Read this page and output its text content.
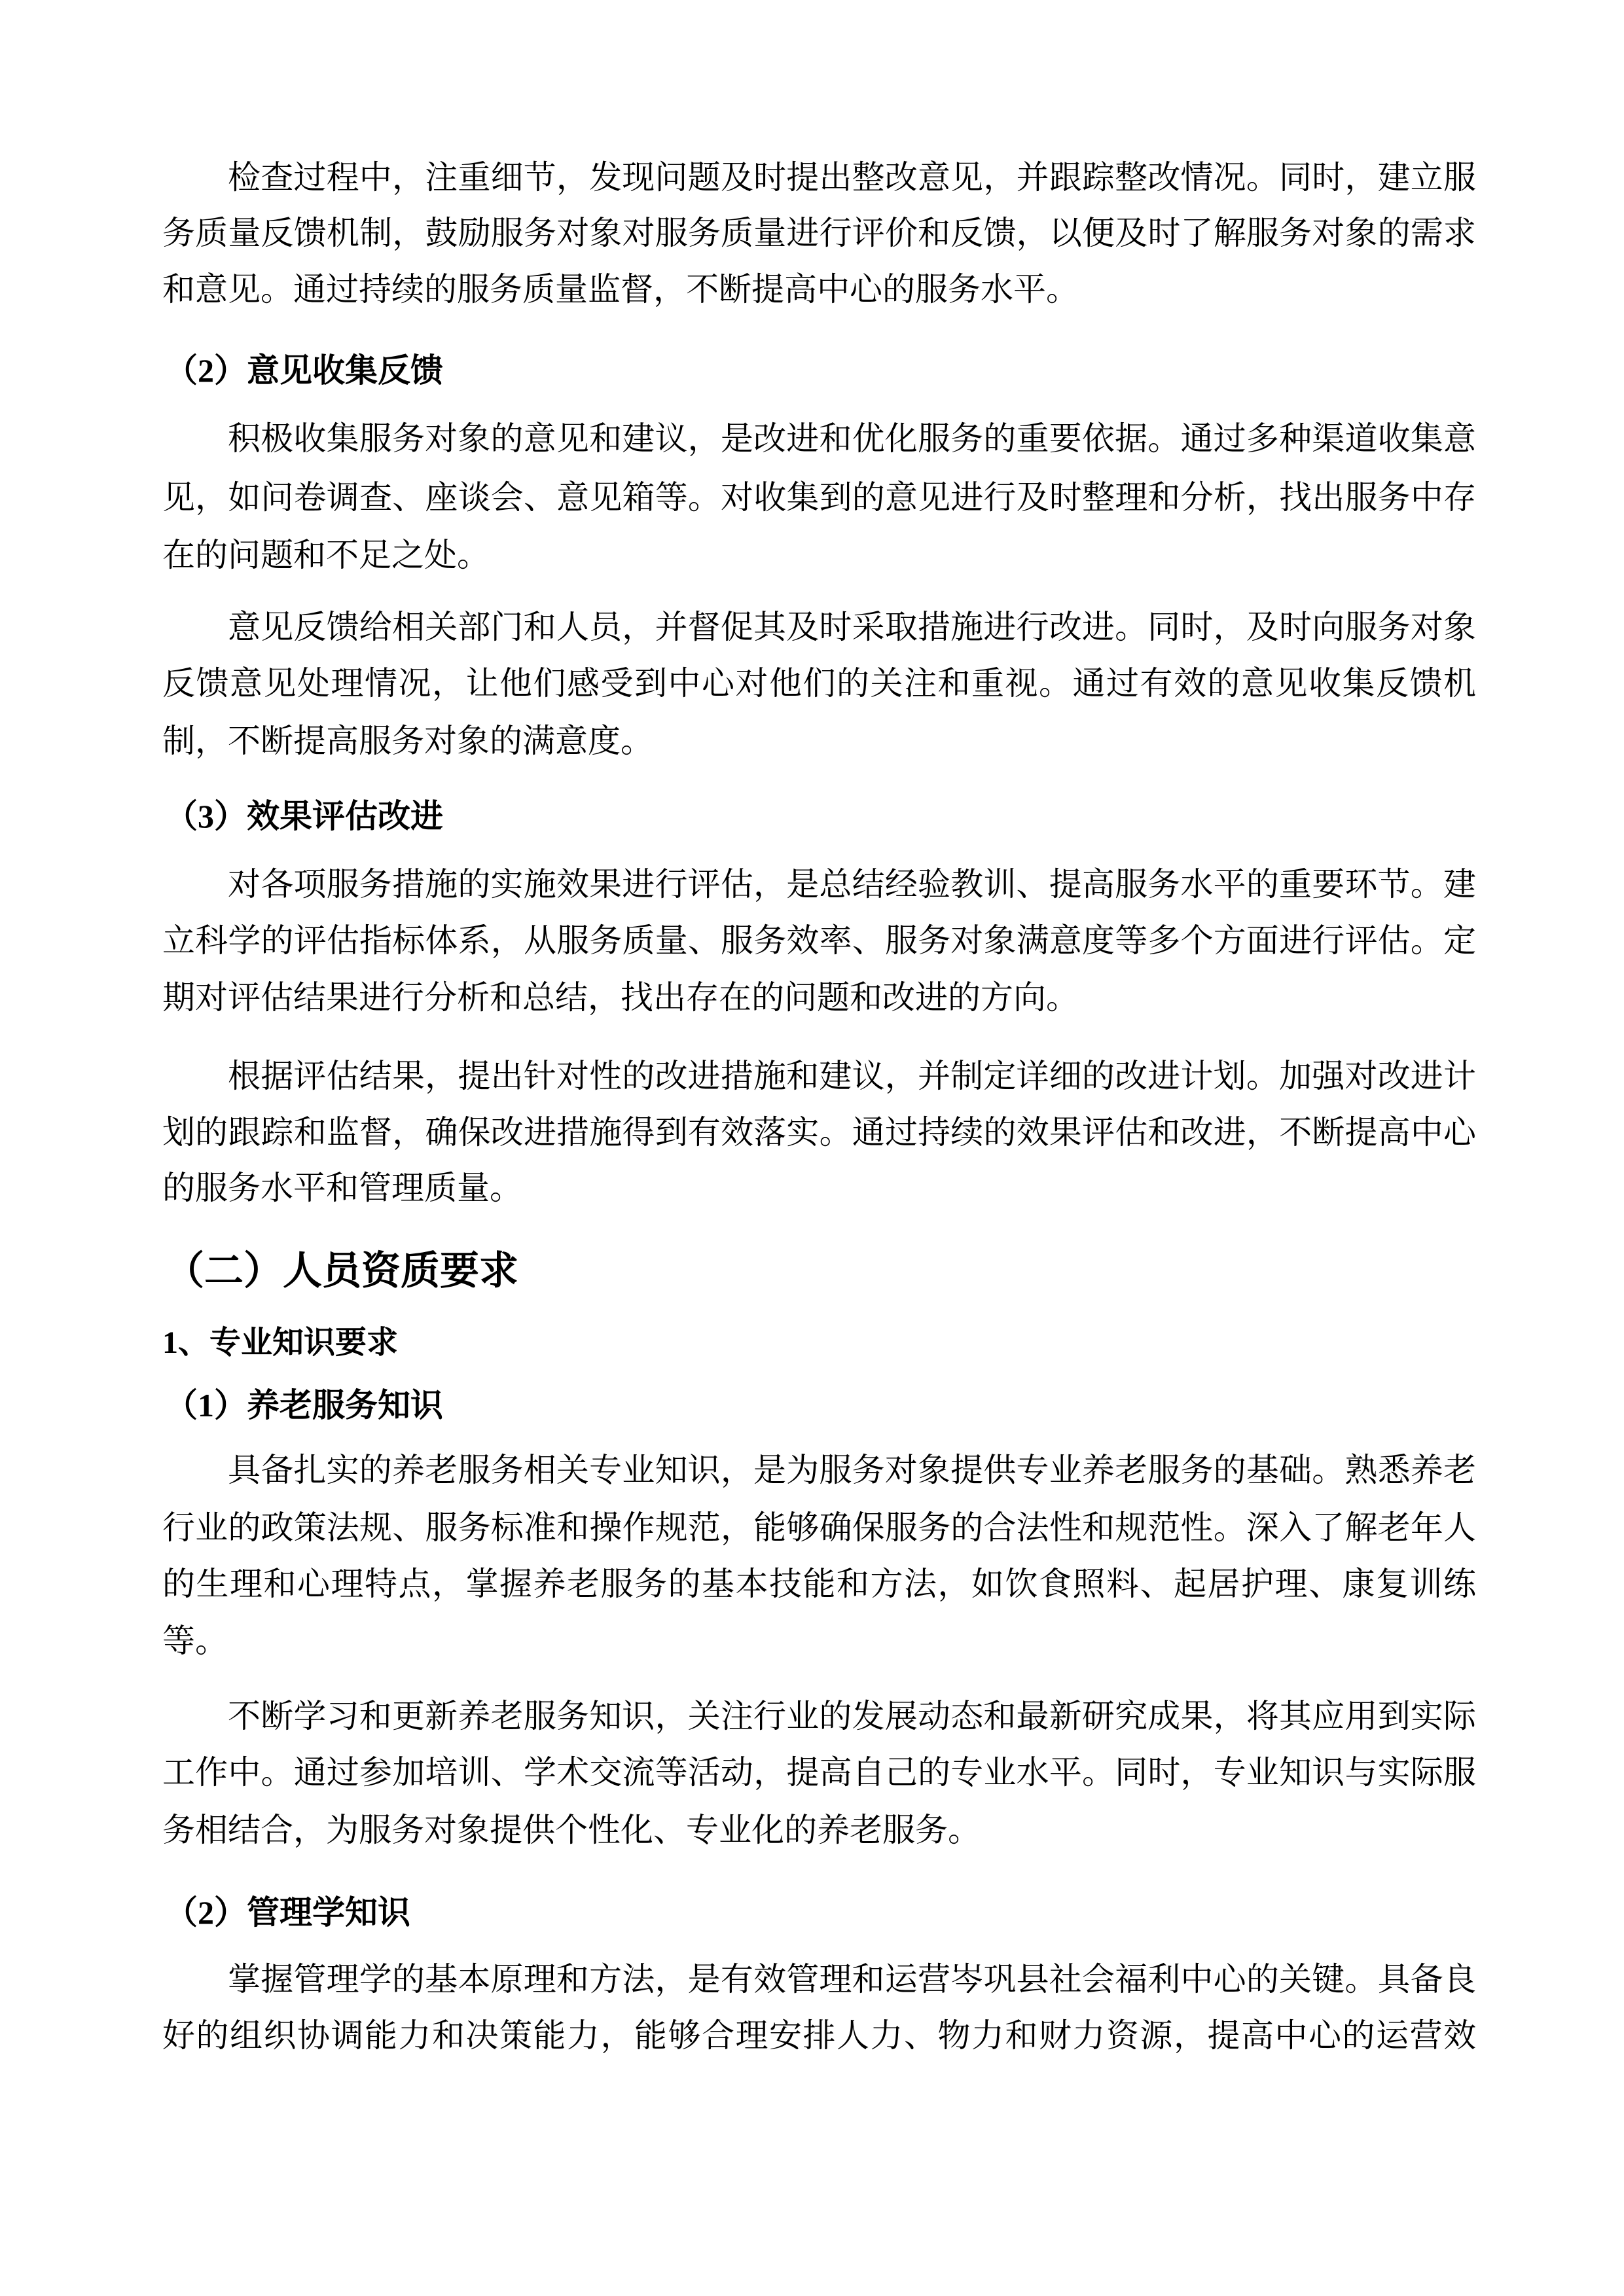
检查过程中，注重细节，发现问题及时提出整改意见，并跟踪整改情况。同时，建立服
务质量反馈机制，鼓励服务对象对服务质量进行评价和反馈，以便及时了解服务对象的需求
和意见。通过持续的服务质量监督，不断提高中心的服务水平。
（2）意见收集反馈
积极收集服务对象的意见和建议，是改进和优化服务的重要依据。通过多种渠道收集意
见，如问卷调查、座谈会、意见箱等。对收集到的意见进行及时整理和分析，找出服务中存
在的问题和不足之处。
意见反馈给相关部门和人员，并督促其及时采取措施进行改进。同时，及时向服务对象
反馈意见处理情况，让他们感受到中心对他们的关注和重视。通过有效的意见收集反馈机
制，不断提高服务对象的满意度。
（3）效果评估改进
对各项服务措施的实施效果进行评估，是总结经验教训、提高服务水平的重要环节。建
立科学的评估指标体系，从服务质量、服务效率、服务对象满意度等多个方面进行评估。定
期对评估结果进行分析和总结，找出存在的问题和改进的方向。
根据评估结果，提出针对性的改进措施和建议，并制定详细的改进计划。加强对改进计
划的跟踪和监督，确保改进措施得到有效落实。通过持续的效果评估和改进，不断提高中心
的服务水平和管理质量。
（二）人员资质要求
1、专业知识要求
（1）养老服务知识
具备扎实的养老服务相关专业知识，是为服务对象提供专业养老服务的基础。熟悉养老
行业的政策法规、服务标准和操作规范，能够确保服务的合法性和规范性。深入了解老年人
的生理和心理特点，掌握养老服务的基本技能和方法，如饮食照料、起居护理、康复训练
等。
不断学习和更新养老服务知识，关注行业的发展动态和最新研究成果，将其应用到实际
工作中。通过参加培训、学术交流等活动，提高自己的专业水平。同时，专业知识与实际服
务相结合，为服务对象提供个性化、专业化的养老服务。
（2）管理学知识
掌握管理学的基本原理和方法，是有效管理和运营岑巩县社会福利中心的关键。具备良
好的组织协调能力和决策能力，能够合理安排人力、物力和财力资源，提高中心的运营效
